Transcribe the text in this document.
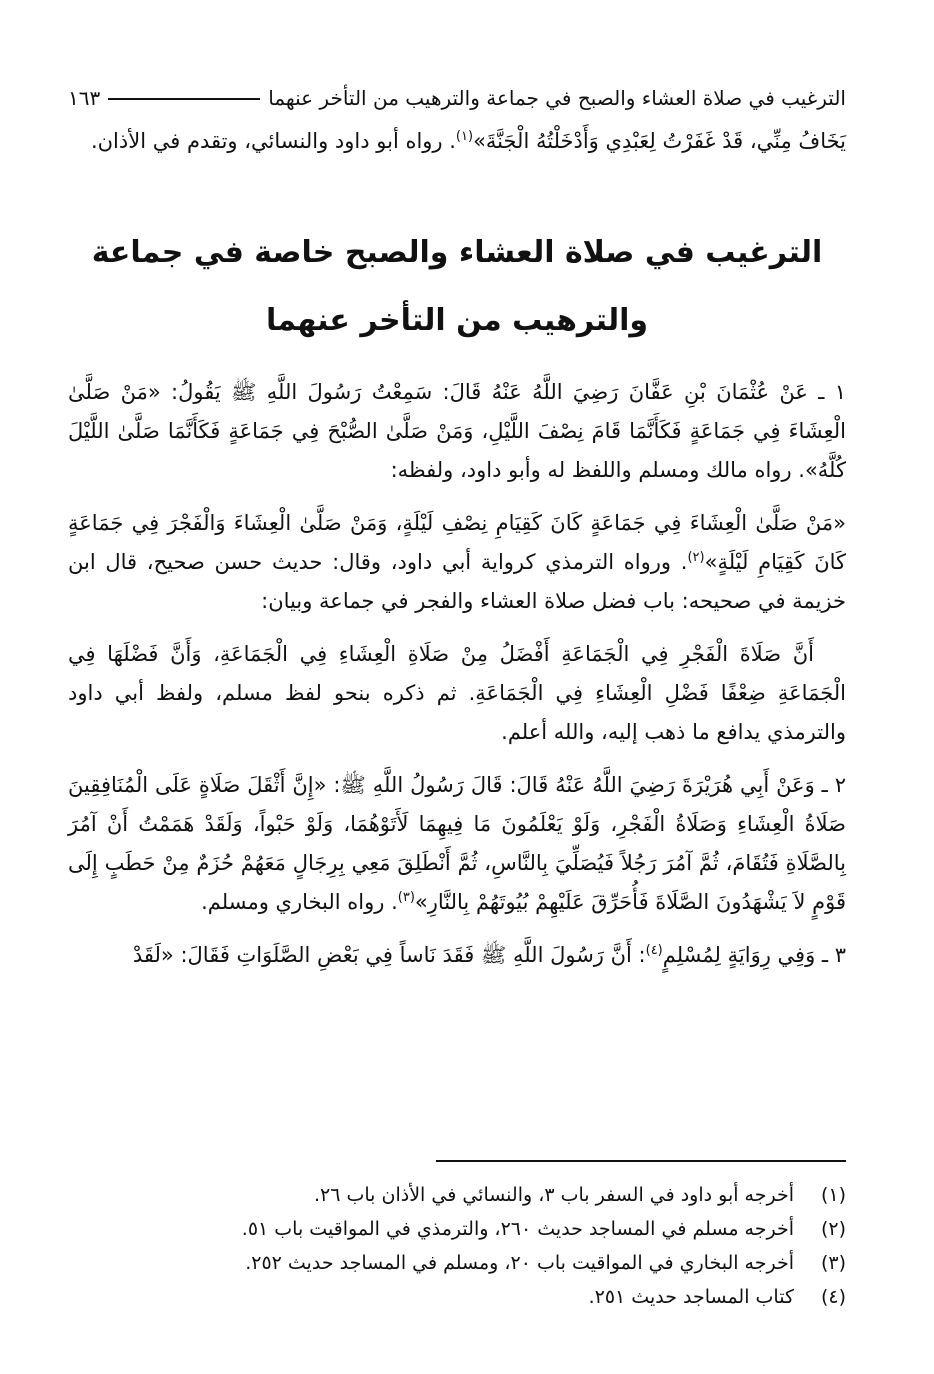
الترغيب في صلاة العشاء والصبح في جماعة والترهيب من التأخر عنهما
١٦٣

يَخَافُ مِنِّي، قَدْ غَفَرْتُ لِعَبْدِي وَأَدْخَلْتُهُ الْجَنَّةَ»$^{(١)}$. رواه أبو داود والنسائي، وتقدم في الأذان.

الترغيب في صلاة العشاء والصبح خاصة في جماعة
والترهيب من التأخر عنهما

١ ـ عَنْ عُثْمَانَ بْنِ عَفَّانَ رَضِيَ اللَّهُ عَنْهُ قَالَ: سَمِعْتُ رَسُولَ اللَّهِ ﷺ يَقُولُ: «مَنْ صَلَّىٰ الْعِشَاءَ فِي جَمَاعَةٍ فَكَأَنَّمَا قَامَ نِصْفَ اللَّيْلِ، وَمَنْ صَلَّىٰ الصُّبْحَ فِي جَمَاعَةٍ فَكَأَنَّمَا صَلَّىٰ اللَّيْلَ كُلَّهُ». رواه مالك ومسلم واللفظ له وأبو داود، ولفظه:

«مَنْ صَلَّىٰ الْعِشَاءَ فِي جَمَاعَةٍ كَانَ كَقِيَامِ نِصْفِ لَيْلَةٍ، وَمَنْ صَلَّىٰ الْعِشَاءَ وَالْفَجْرَ فِي جَمَاعَةٍ كَانَ كَقِيَامِ لَيْلَةٍ»$^{(٢)}$. ورواه الترمذي كرواية أبي داود، وقال: حديث حسن صحيح، قال ابن خزيمة في صحيحه: باب فضل صلاة العشاء والفجر في جماعة وبيان:

أَنَّ صَلَاةَ الْفَجْرِ فِي الْجَمَاعَةِ أَفْضَلُ مِنْ صَلَاةِ الْعِشَاءِ فِي الْجَمَاعَةِ، وَأَنَّ فَضْلَهَا فِي الْجَمَاعَةِ ضِعْفًا فَضْلِ الْعِشَاءِ فِي الْجَمَاعَةِ. ثم ذكره بنحو لفظ مسلم، ولفظ أبي داود والترمذي يدافع ما ذهب إليه، والله أعلم.

٢ ـ وَعَنْ أَبِي هُرَيْرَةَ رَضِيَ اللَّهُ عَنْهُ قَالَ: قَالَ رَسُولُ اللَّهِ ﷺ: «إِنَّ أَثْقَلَ صَلَاةٍ عَلَى الْمُنَافِقِينَ صَلَاةُ الْعِشَاءِ وَصَلَاةُ الْفَجْرِ، وَلَوْ يَعْلَمُونَ مَا فِيهِمَا لَأَتَوْهُمَا، وَلَوْ حَبْواً، وَلَقَدْ هَمَمْتُ أَنْ آمُرَ بِالصَّلَاةِ فَتُقَامَ، ثُمَّ آمُرَ رَجُلاً فَيُصَلِّيَ بِالنَّاسِ، ثُمَّ أَنْطَلِقَ مَعِي بِرِجَالٍ مَعَهُمْ حُزَمٌ مِنْ حَطَبٍ إِلَى قَوْمٍ لاَ يَشْهَدُونَ الصَّلَاةَ فَأُحَرِّقَ عَلَيْهِمْ بُيُوتَهُمْ بِالنَّارِ»$^{(٣)}$. رواه البخاري ومسلم.

٣ ـ وَفِي رِوَايَةٍ لِمُسْلِمٍ$^{(٤)}$: أَنَّ رَسُولَ اللَّهِ ﷺ فَقَدَ نَاساً فِي بَعْضِ الصَّلَوَاتِ فَقَالَ: «لَقَدْ

(١)
أخرجه أبو داود في السفر باب ٣، والنسائي في الأذان باب ٢٦.
(٢)
أخرجه مسلم في المساجد حديث ٢٦٠، والترمذي في المواقيت باب ٥١.
(٣)
أخرجه البخاري في المواقيت باب ٢٠، ومسلم في المساجد حديث ٢٥٢.
(٤)
كتاب المساجد حديث ٢٥١.
